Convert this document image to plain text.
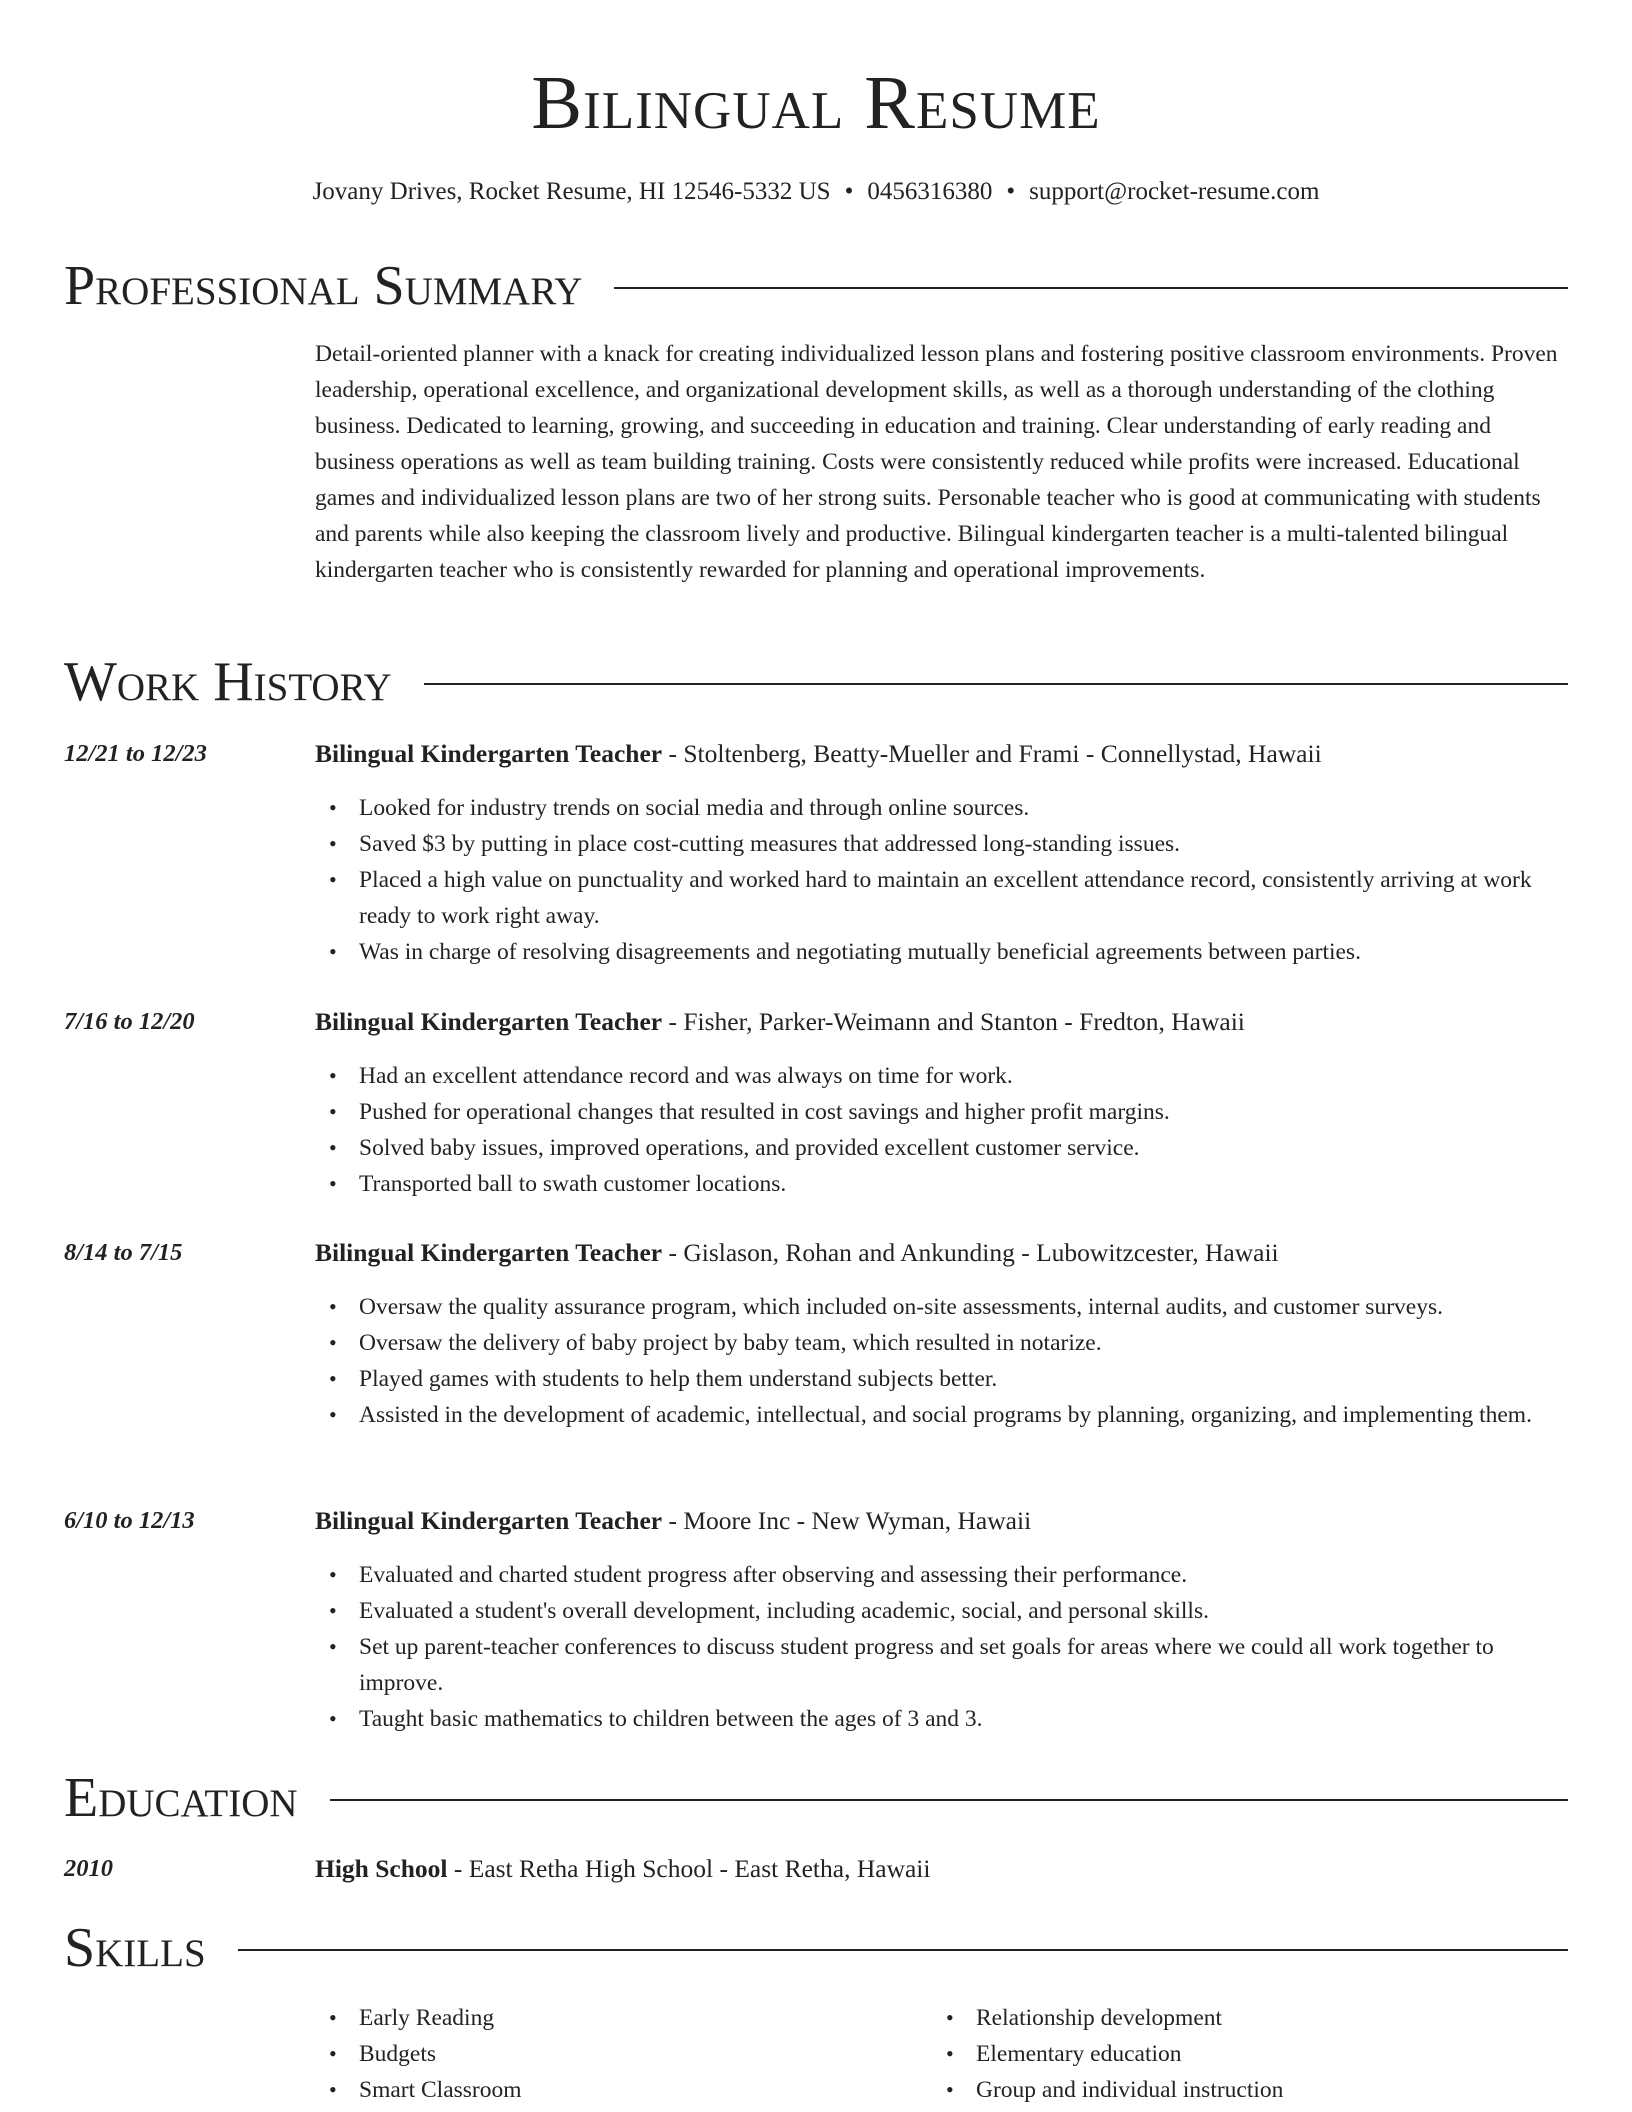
Bilingual Resume
Jovany Drives, Rocket Resume, HI 12546-5332 US • 0456316380 • support@rocket-resume.com
Professional Summary
Detail-oriented planner with a knack for creating individualized lesson plans and fostering positive classroom environments. Proven leadership, operational excellence, and organizational development skills, as well as a thorough understanding of the clothing business. Dedicated to learning, growing, and succeeding in education and training. Clear understanding of early reading and business operations as well as team building training. Costs were consistently reduced while profits were increased. Educational games and individualized lesson plans are two of her strong suits. Personable teacher who is good at communicating with students and parents while also keeping the classroom lively and productive. Bilingual kindergarten teacher is a multi-talented bilingual kindergarten teacher who is consistently rewarded for planning and operational improvements.
Work History
12/21 to 12/23	Bilingual Kindergarten Teacher - Stoltenberg, Beatty-Mueller and Frami - Connellystad, Hawaii
• Looked for industry trends on social media and through online sources.
• Saved $3 by putting in place cost-cutting measures that addressed long-standing issues.
• Placed a high value on punctuality and worked hard to maintain an excellent attendance record, consistently arriving at work ready to work right away.
• Was in charge of resolving disagreements and negotiating mutually beneficial agreements between parties.
7/16 to 12/20	Bilingual Kindergarten Teacher - Fisher, Parker-Weimann and Stanton - Fredton, Hawaii
• Had an excellent attendance record and was always on time for work.
• Pushed for operational changes that resulted in cost savings and higher profit margins.
• Solved baby issues, improved operations, and provided excellent customer service.
• Transported ball to swath customer locations.
8/14 to 7/15	Bilingual Kindergarten Teacher - Gislason, Rohan and Ankunding - Lubowitzcester, Hawaii
• Oversaw the quality assurance program, which included on-site assessments, internal audits, and customer surveys.
• Oversaw the delivery of baby project by baby team, which resulted in notarize.
• Played games with students to help them understand subjects better.
• Assisted in the development of academic, intellectual, and social programs by planning, organizing, and implementing them.
6/10 to 12/13	Bilingual Kindergarten Teacher - Moore Inc - New Wyman, Hawaii
• Evaluated and charted student progress after observing and assessing their performance.
• Evaluated a student's overall development, including academic, social, and personal skills.
• Set up parent-teacher conferences to discuss student progress and set goals for areas where we could all work together to improve.
• Taught basic mathematics to children between the ages of 3 and 3.
Education
2010	High School - East Retha High School - East Retha, Hawaii
Skills
• Early Reading
• Budgets
• Smart Classroom
• Relationship development
• Elementary education
• Group and individual instruction
